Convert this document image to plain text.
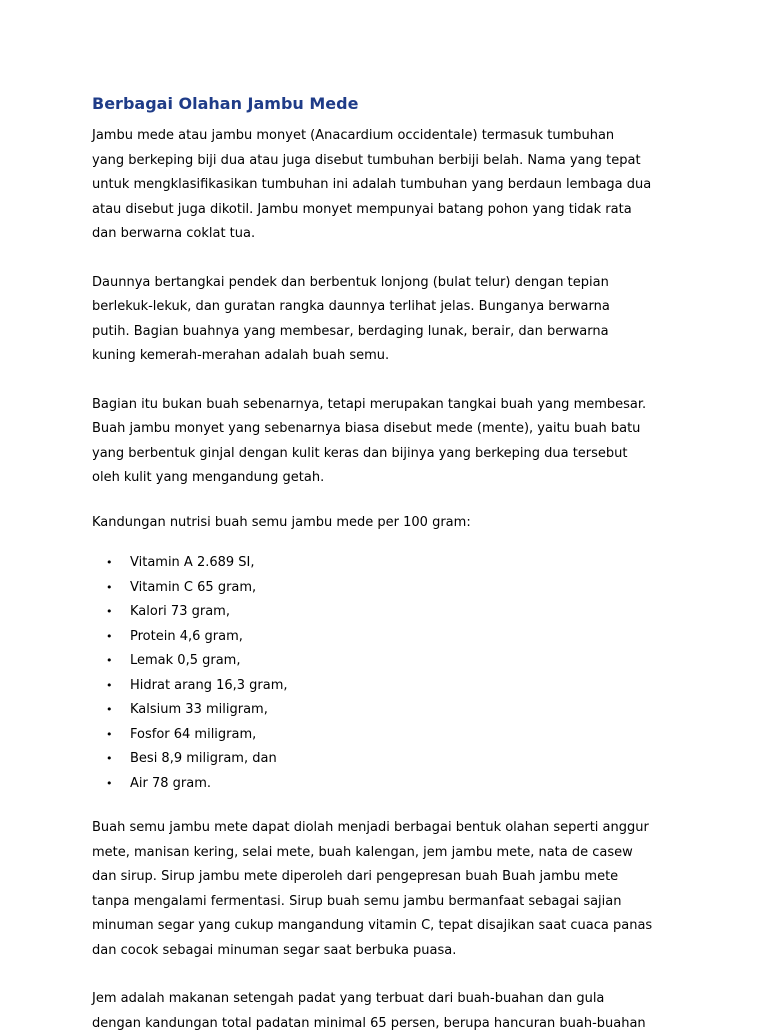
Berbagai Olahan Jambu Mede

Jambu mede atau jambu monyet (Anacardium occidentale) termasuk tumbuhan
yang berkeping biji dua atau juga disebut tumbuhan berbiji belah. Nama yang tepat
untuk mengklasifikasikan tumbuhan ini adalah tumbuhan yang berdaun lembaga dua
atau disebut juga dikotil. Jambu monyet mempunyai batang pohon yang tidak rata
dan berwarna coklat tua.

Daunnya bertangkai pendek dan berbentuk lonjong (bulat telur) dengan tepian
berlekuk-lekuk, dan guratan rangka daunnya terlihat jelas. Bunganya berwarna
putih. Bagian buahnya yang membesar, berdaging lunak, berair, dan berwarna
kuning kemerah-merahan adalah buah semu.

Bagian itu bukan buah sebenarnya, tetapi merupakan tangkai buah yang membesar.
Buah jambu monyet yang sebenarnya biasa disebut mede (mente), yaitu buah batu
yang berbentuk ginjal dengan kulit keras dan bijinya yang berkeping dua tersebut
oleh kulit yang mengandung getah.

Kandungan nutrisi buah semu jambu mede per 100 gram:

• Vitamin A 2.689 SI,
• Vitamin C 65 gram,
• Kalori 73 gram,
• Protein 4,6 gram,
• Lemak 0,5 gram,
• Hidrat arang 16,3 gram,
• Kalsium 33 miligram,
• Fosfor 64 miligram,
• Besi 8,9 miligram, dan
• Air 78 gram.

Buah semu jambu mete dapat diolah menjadi berbagai bentuk olahan seperti anggur
mete, manisan kering, selai mete, buah kalengan, jem jambu mete, nata de casew
dan sirup. Sirup jambu mete diperoleh dari pengepresan buah Buah jambu mete
tanpa mengalami fermentasi. Sirup buah semu jambu bermanfaat sebagai sajian
minuman segar yang cukup mangandung vitamin C, tepat disajikan saat cuaca panas
dan cocok sebagai minuman segar saat berbuka puasa.

Jem adalah makanan setengah padat yang terbuat dari buah-buahan dan gula
dengan kandungan total padatan minimal 65 persen, berupa hancuran buah-buahan
